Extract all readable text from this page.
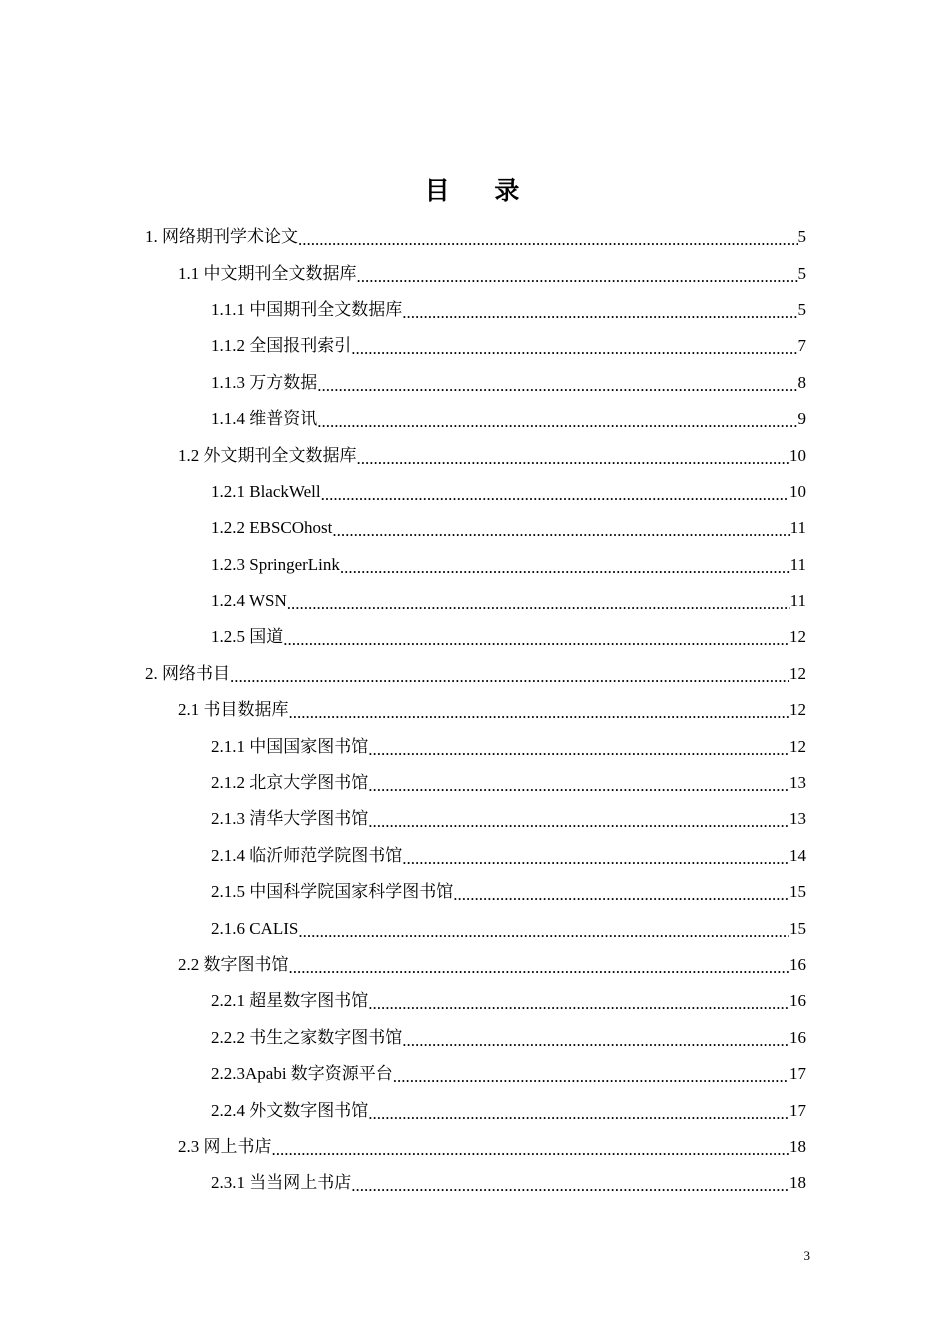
目 录
1. 网络期刊学术论文 .....	5
1.1 中文期刊全文数据库 .....	5
1.1.1 中国期刊全文数据库 .....	5
1.1.2 全国报刊索引 .....	7
1.1.3 万方数据 .....	8
1.1.4 维普资讯 .....	9
1.2 外文期刊全文数据库 .....	10
1.2.1 BlackWell .....	10
1.2.2 EBSCOhost .....	11
1.2.3 SpringerLink .....	11
1.2.4 WSN .....	11
1.2.5 国道 .....	12
2. 网络书目 .....	12
2.1 书目数据库 .....	12
2.1.1 中国国家图书馆 .....	12
2.1.2 北京大学图书馆 .....	13
2.1.3 清华大学图书馆 .....	13
2.1.4 临沂师范学院图书馆 .....	14
2.1.5 中国科学院国家科学图书馆 .....	15
2.1.6 CALIS .....	15
2.2 数字图书馆 .....	16
2.2.1 超星数字图书馆 .....	16
2.2.2 书生之家数字图书馆 .....	16
2.2.3Apabi 数字资源平台 .....	17
2.2.4 外文数字图书馆 .....	17
2.3 网上书店 .....	18
2.3.1 当当网上书店 .....	18
3
